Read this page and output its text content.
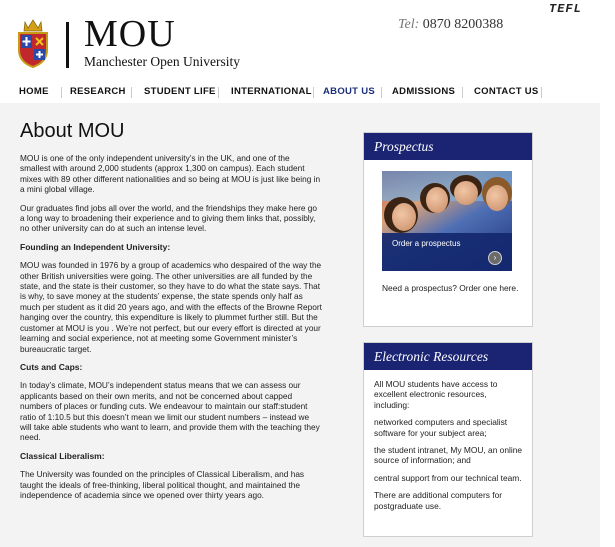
MOU
Manchester Open University
Tel: 0870 8200388
TEFL
HOME RESEARCH STUDENT LIFE INTERNATIONAL ABOUT US ADMISSIONS CONTACT US
About MOU

MOU is one of the only independent university’s in the UK, and one of the smallest with around 2,000 students (approx 1,300 on campus). Each student mixes with 89 other different nationalities and so being at MOU is just like being in a mini global village.

Our graduates find jobs all over the world, and the friendships they make here go a long way to broadening their experience and to giving them links that, possibly, no other university can do at such an intense level.

Founding an Independent University:

MOU was founded in 1976 by a group of academics who despaired of the way the other British universities were going. The other universities are all funded by the state, and the state is their customer, so they have to do what the state says. That is why, to save money at the students’ expense, the state spends only half as much per student as it did 20 years ago, and with the effects of the Browne Report hanging over the country, this expenditure is likely to plummet further still. But the customer at MOU is you . We’re not perfect, but our every effort is directed at your learning and social experience, not at meeting some Government minister’s bureaucratic target.

Cuts and Caps:

In today’s climate, MOU’s independent status means that we can assess our applicants based on their own merits, and not be concerned about capped numbers of places or funding cuts. We endeavour to maintain our staff:student ratio of 1:10.5 but this doesn’t mean we limit our student numbers – instead we will take able students who want to learn, and provide them with the teaching they need.

Classical Liberalism:

The University was founded on the principles of Classical Liberalism, and has taught the ideals of free-thinking, liberal political thought, and maintained the independence of academia since we opened over thirty years ago.

Prospectus
Order a prospectus
›
Need a prospectus? Order one here.
Electronic Resources

All MOU students have access to excellent electronic resources, including:

networked computers and specialist software for your subject area;

the student intranet, My MOU, an online source of information; and

central support from our technical team.

There are additional computers for postgraduate use.
